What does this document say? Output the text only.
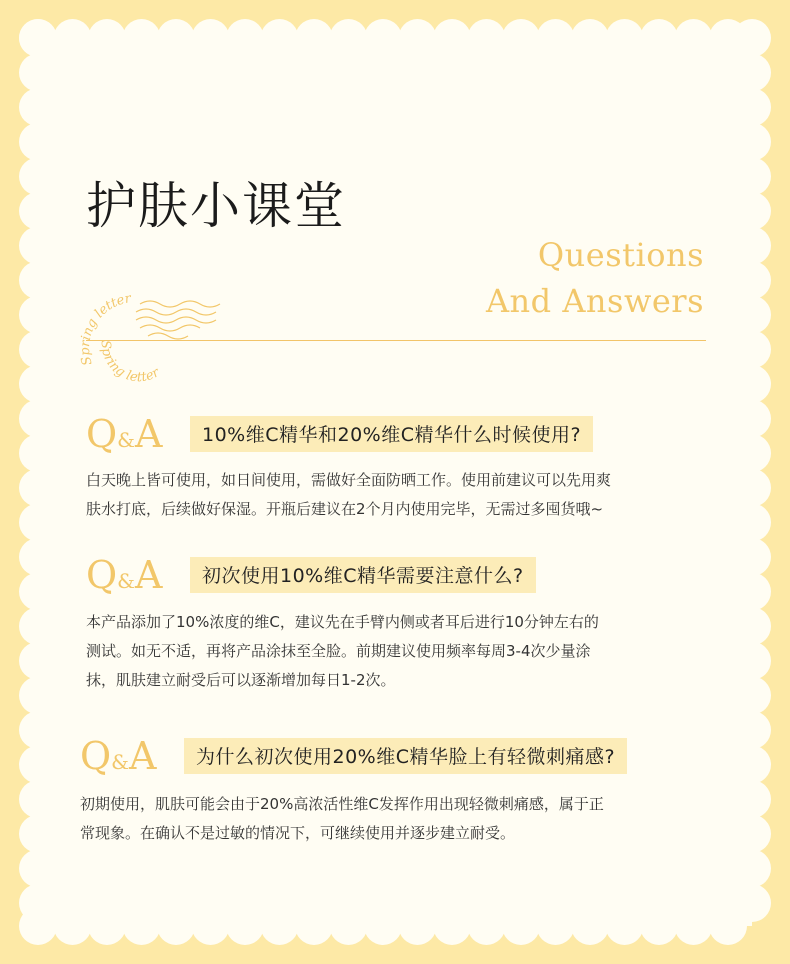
护肤小课堂
Questions
And Answers
Spring letter
Spring letter
Q&A	10%维C精华和20%维C精华什么时候使用?
白天晚上皆可使用，如日间使用，需做好全面防晒工作。使用前建议可以先用爽
肤水打底，后续做好保湿。开瓶后建议在2个月内使用完毕，无需过多囤货哦~
Q&A	初次使用10%维C精华需要注意什么?
本产品添加了10%浓度的维C，建议先在手臂内侧或者耳后进行10分钟左右的
测试。如无不适，再将产品涂抹至全脸。前期建议使用频率每周3-4次少量涂
抹，肌肤建立耐受后可以逐渐增加每日1-2次。
Q&A	为什么初次使用20%维C精华脸上有轻微刺痛感?
初期使用，肌肤可能会由于20%高浓活性维C发挥作用出现轻微刺痛感，属于正
常现象。在确认不是过敏的情况下，可继续使用并逐步建立耐受。
